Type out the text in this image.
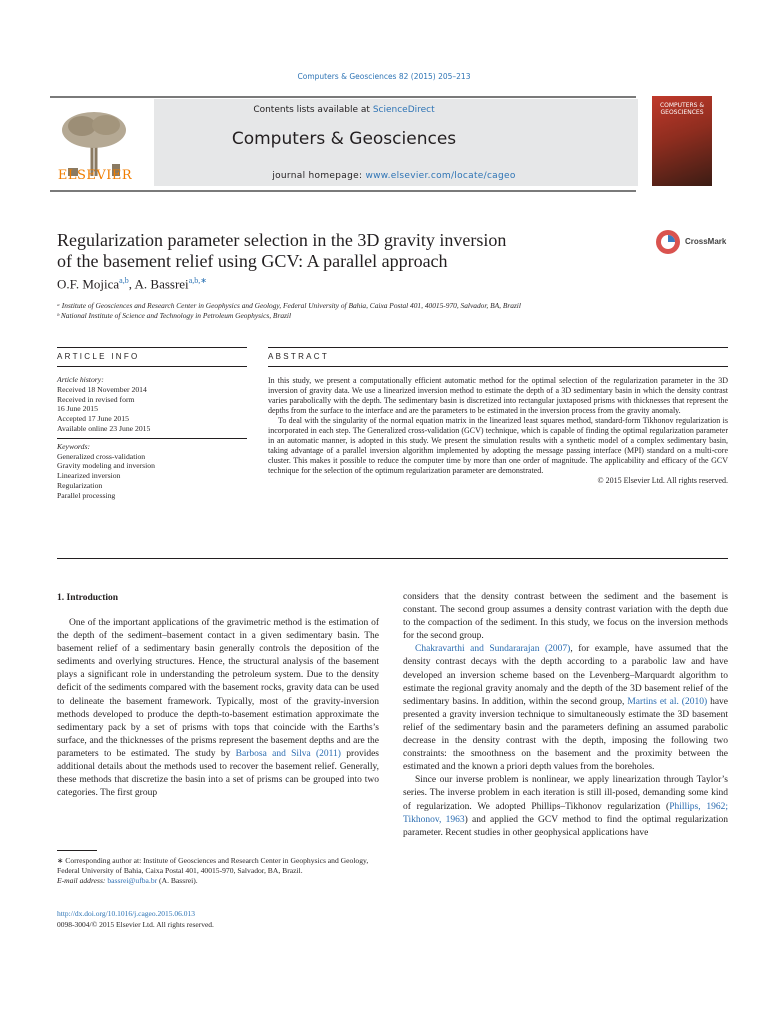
Computers & Geosciences 82 (2015) 205–213
ELSEVIER
Contents lists available at ScienceDirect
Computers & Geosciences
journal homepage: www.elsevier.com/locate/cageo
COMPUTERS & GEOSCIENCES
Regularization parameter selection in the 3D gravity inversion
of the basement relief using GCV: A parallel approach
CrossMark
O.F. Mojica$^{a,b}$, A. Bassrei$^{a,b,∗}$
ᵃ Institute of Geosciences and Research Center in Geophysics and Geology, Federal University of Bahia, Caixa Postal 401, 40015-970, Salvador, BA, Brazil
ᵇ National Institute of Science and Technology in Petroleum Geophysics, Brazil
ARTICLE INFO	ABSTRACT
Article history:
Received 18 November 2014
Received in revised form
16 June 2015
Accepted 17 June 2015
Available online 23 June 2015
Keywords:
Generalized cross-validation
Gravity modeling and inversion
Linearized inversion
Regularization
Parallel processing

In this study, we present a computationally efficient automatic method for the optimal selection of the regularization parameter in the 3D inversion of gravity data. We use a linearized inversion method to estimate the depth of a 3D sedimentary basin in which the density contrast varies parabolically with the depth. The sedimentary basin is discretized into rectangular juxtaposed prisms with thicknesses that represent the depths from the surface to the interface and are the parameters to be estimated in the inversion process from the gravity anomaly.

To deal with the singularity of the normal equation matrix in the linearized least squares method, standard-form Tikhonov regularization is incorporated in each step. The Generalized cross-validation (GCV) technique, which is capable of finding the optimal regularization parameter in an automatic manner, is adopted in this study. We present the simulation results with a synthetic model of a complex sedimentary basin, taking advantage of a parallel inversion algorithm implemented by adopting the message passing interface (MPI) standard on a multi-core cluster. This makes it possible to reduce the computer time by more than one order of magnitude. The applicability and efficacy of the GCV technique for the selection of the optimum regularization parameter are demonstrated.

© 2015 Elsevier Ltd. All rights reserved.
1. Introduction

One of the important applications of the gravimetric method is the estimation of the depth of the sediment–basement contact in a given sedimentary basin. The basement relief of a sedimentary basin generally controls the deposition of the sediments and overlying structures. Hence, the structural analysis of the basement plays a significant role in understanding the petroleum system. Due to the density deficit of the sediments compared with the basement rocks, gravity data can be used to delineate the basement framework. Typically, most of the gravity-inversion methods developed to produce the depth-to-basement estimation approximate the sedimentary pack by a set of prisms with tops that coincide with the Earths’s surface, and the thicknesses of the prisms represent the basement depths and are the parameters to be estimated. The study by Barbosa and Silva (2011) provides additional details about the methods used to recover the basement relief. Generally, these methods that discretize the basin into a set of prisms can be grouped into two categories. The first group

considers that the density contrast between the sediment and the basement is constant. The second group assumes a density contrast variation with the depth due to the compaction of the sediment. In this study, we focus on the inversion methods for the second group.

Chakravarthi and Sundararajan (2007), for example, have assumed that the density contrast decays with the depth according to a parabolic law and have developed an inversion scheme based on the Levenberg–Marquardt algorithm to estimate the regional gravity anomaly and the depth of the 3D basement relief of the sedimentary basins. In addition, within the second group, Martins et al. (2010) have presented a gravity inversion technique to simultaneously estimate the 3D basement relief of the sedimentary basin and the parameters defining an assumed parabolic decrease in the density contrast with the depth, imposing the following two constraints: the smoothness on the basement and the proximity between the estimated and the known a priori depth values from the boreholes.

Since our inverse problem is nonlinear, we apply linearization through Taylor’s series. The inverse problem in each iteration is still ill-posed, demanding some kind of regularization. We adopted Phillips–Tikhonov regularization (Phillips, 1962; Tikhonov, 1963) and applied the GCV method to find the optimal regularization parameter. Recent studies in other geophysical applications have

∗ Corresponding author at: Institute of Geosciences and Research Center in Geophysics and Geology, Federal University of Bahia, Caixa Postal 401, 40015-970, Salvador, BA, Brazil.
E-mail address: bassrei@ufba.br (A. Bassrei).
http://dx.doi.org/10.1016/j.cageo.2015.06.013
0098-3004/© 2015 Elsevier Ltd. All rights reserved.
